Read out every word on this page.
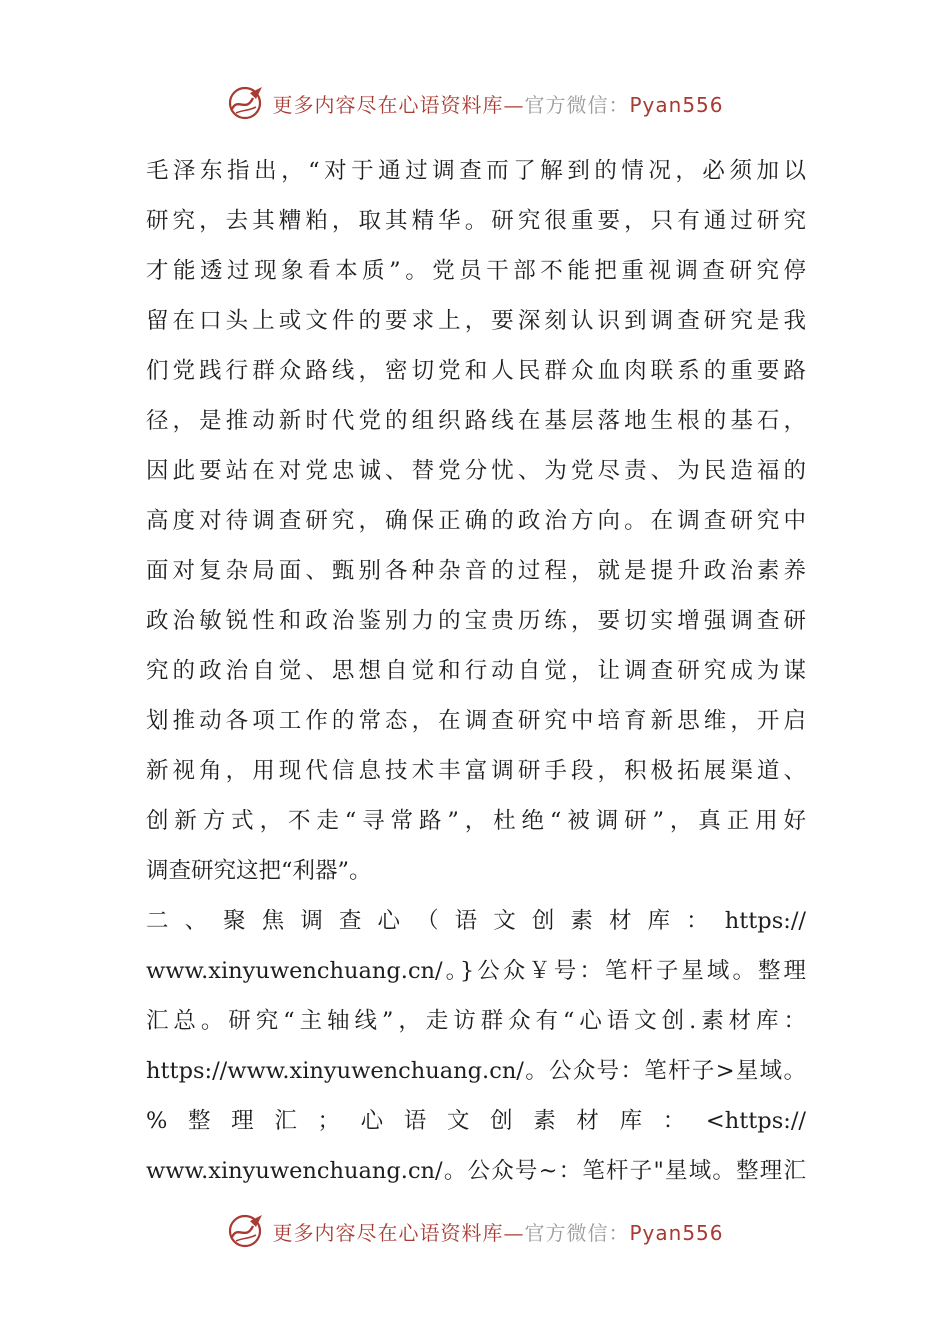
更多内容尽在心语资料库—官方微信：Pyan556
毛泽东指出，“对于通过调查而了解到的情况，必须加以
研究，去其糟粕，取其精华。研究很重要，只有通过研究
才能透过现象看本质”。党员干部不能把重视调查研究停
留在口头上或文件的要求上，要深刻认识到调查研究是我
们党践行群众路线，密切党和人民群众血肉联系的重要路
径，是推动新时代党的组织路线在基层落地生根的基石，
因此要站在对党忠诚、替党分忧、为党尽责、为民造福的
高度对待调查研究，确保正确的政治方向。在调查研究中
面对复杂局面、甄别各种杂音的过程，就是提升政治素养
政治敏锐性和政治鉴别力的宝贵历练，要切实增强调查研
究的政治自觉、思想自觉和行动自觉，让调查研究成为谋
划推动各项工作的常态，在调查研究中培育新思维，开启
新视角，用现代信息技术丰富调研手段，积极拓展渠道、
创新方式，不走“寻常路”，杜绝“被调研”，真正用好
调查研究这把“利器”。
二、聚焦调查心（语文创素材库：https://
www.xinyuwenchuang.cn/。}公众￥号：笔杆子星域。整理
汇总。研究“主轴线”，走访群众有“心语文创.素材库：
https://www.xinyuwenchuang.cn/。公众号：笔杆子>星域。
%整理汇；心语文创素材库：<https://
www.xinyuwenchuang.cn/。公众号~：笔杆子"星域。整理汇
更多内容尽在心语资料库—官方微信：Pyan556
